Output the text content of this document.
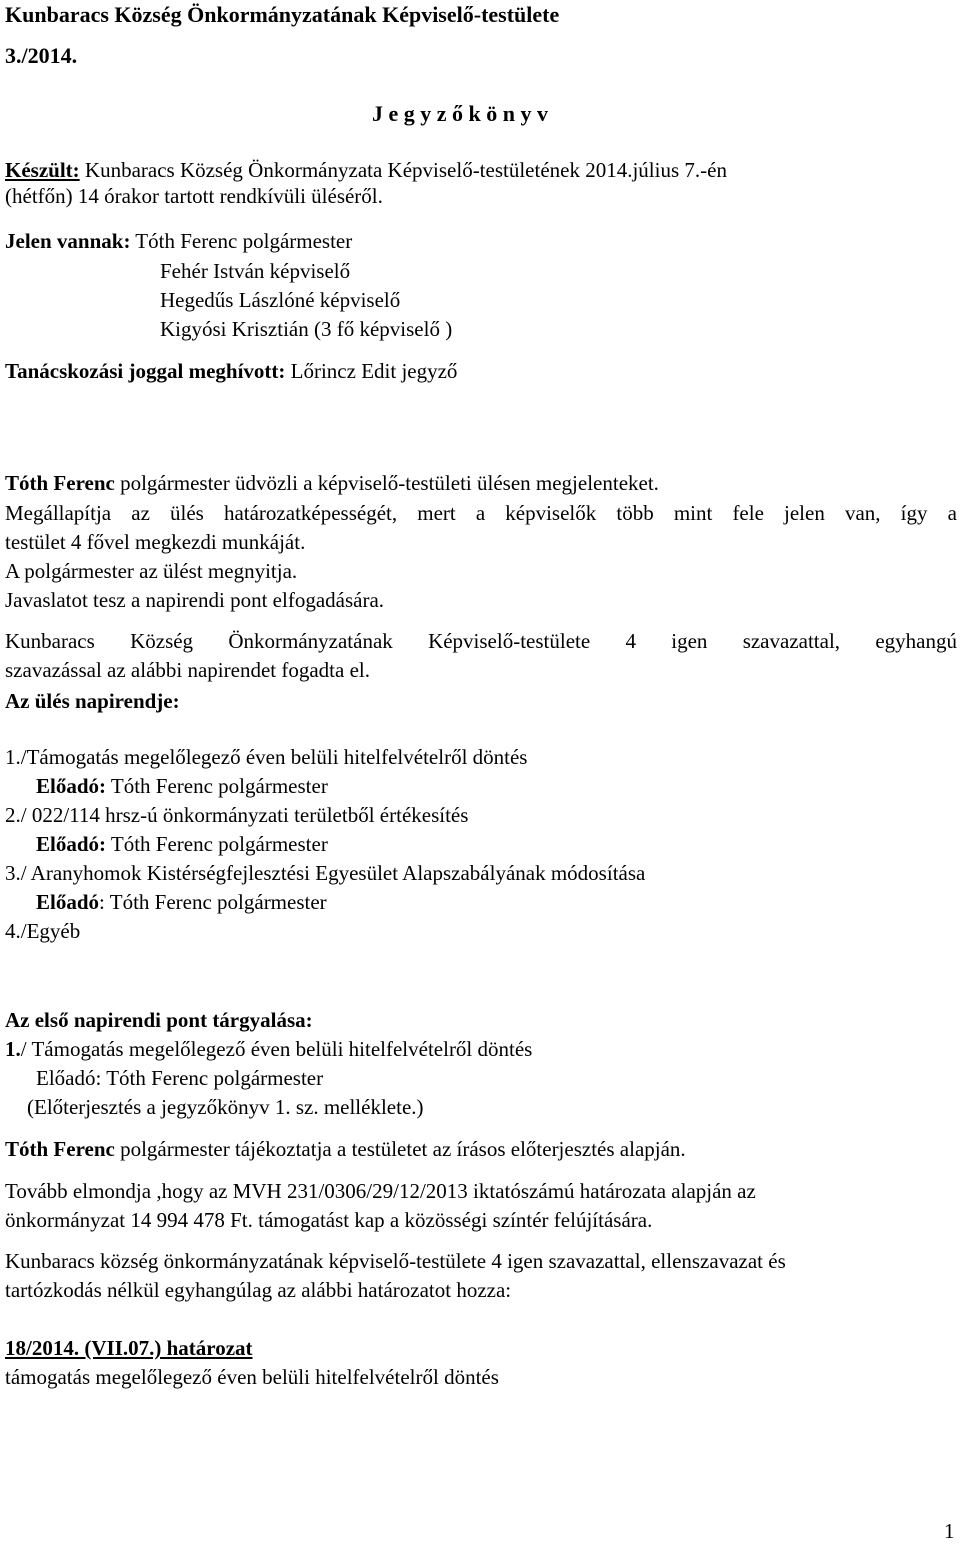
Kunbaracs Község Önkormányzatának Képviselő-testülete
3./2014.
J e g y z ő k ö n y v
Készült: Kunbaracs Község Önkormányzata Képviselő-testületének 2014.július 7.-én
(hétfőn) 14 órakor tartott rendkívüli üléséről.
Jelen vannak: Tóth Ferenc polgármester
Fehér István képviselő
Hegedűs Lászlóné képviselő
Kigyósi Krisztián (3 fő képviselő )
Tanácskozási joggal meghívott: Lőrincz Edit jegyző
Tóth Ferenc polgármester üdvözli a képviselő-testületi ülésen megjelenteket.
Megállapítja az ülés határozatképességét, mert a képviselők több mint fele jelen van, így a
testület 4 fővel megkezdi munkáját.
A polgármester az ülést megnyitja.
Javaslatot tesz a napirendi pont elfogadására.
Kunbaracs Község Önkormányzatának Képviselő-testülete 4 igen szavazattal, egyhangú
szavazással az alábbi napirendet fogadta el.
Az ülés napirendje:
1./Támogatás megelőlegező éven belüli hitelfelvételről döntés
Előadó: Tóth Ferenc polgármester
2./ 022/114 hrsz-ú önkormányzati területből értékesítés
Előadó: Tóth Ferenc polgármester
3./ Aranyhomok Kistérségfejlesztési Egyesület Alapszabályának módosítása
Előadó: Tóth Ferenc polgármester
4./Egyéb
Az első napirendi pont tárgyalása:
1./ Támogatás megelőlegező éven belüli hitelfelvételről döntés
Előadó: Tóth Ferenc polgármester
(Előterjesztés a jegyzőkönyv 1. sz. melléklete.)
Tóth Ferenc polgármester tájékoztatja a testületet az írásos előterjesztés alapján.
Tovább elmondja ,hogy az MVH 231/0306/29/12/2013 iktatószámú határozata alapján az
önkormányzat 14 994 478 Ft. támogatást kap a közösségi színtér felújítására.
Kunbaracs község önkormányzatának képviselő-testülete 4 igen szavazattal, ellenszavazat és
tartózkodás nélkül egyhangúlag az alábbi határozatot hozza:
18/2014. (VII.07.) határozat
támogatás megelőlegező éven belüli hitelfelvételről döntés
1
